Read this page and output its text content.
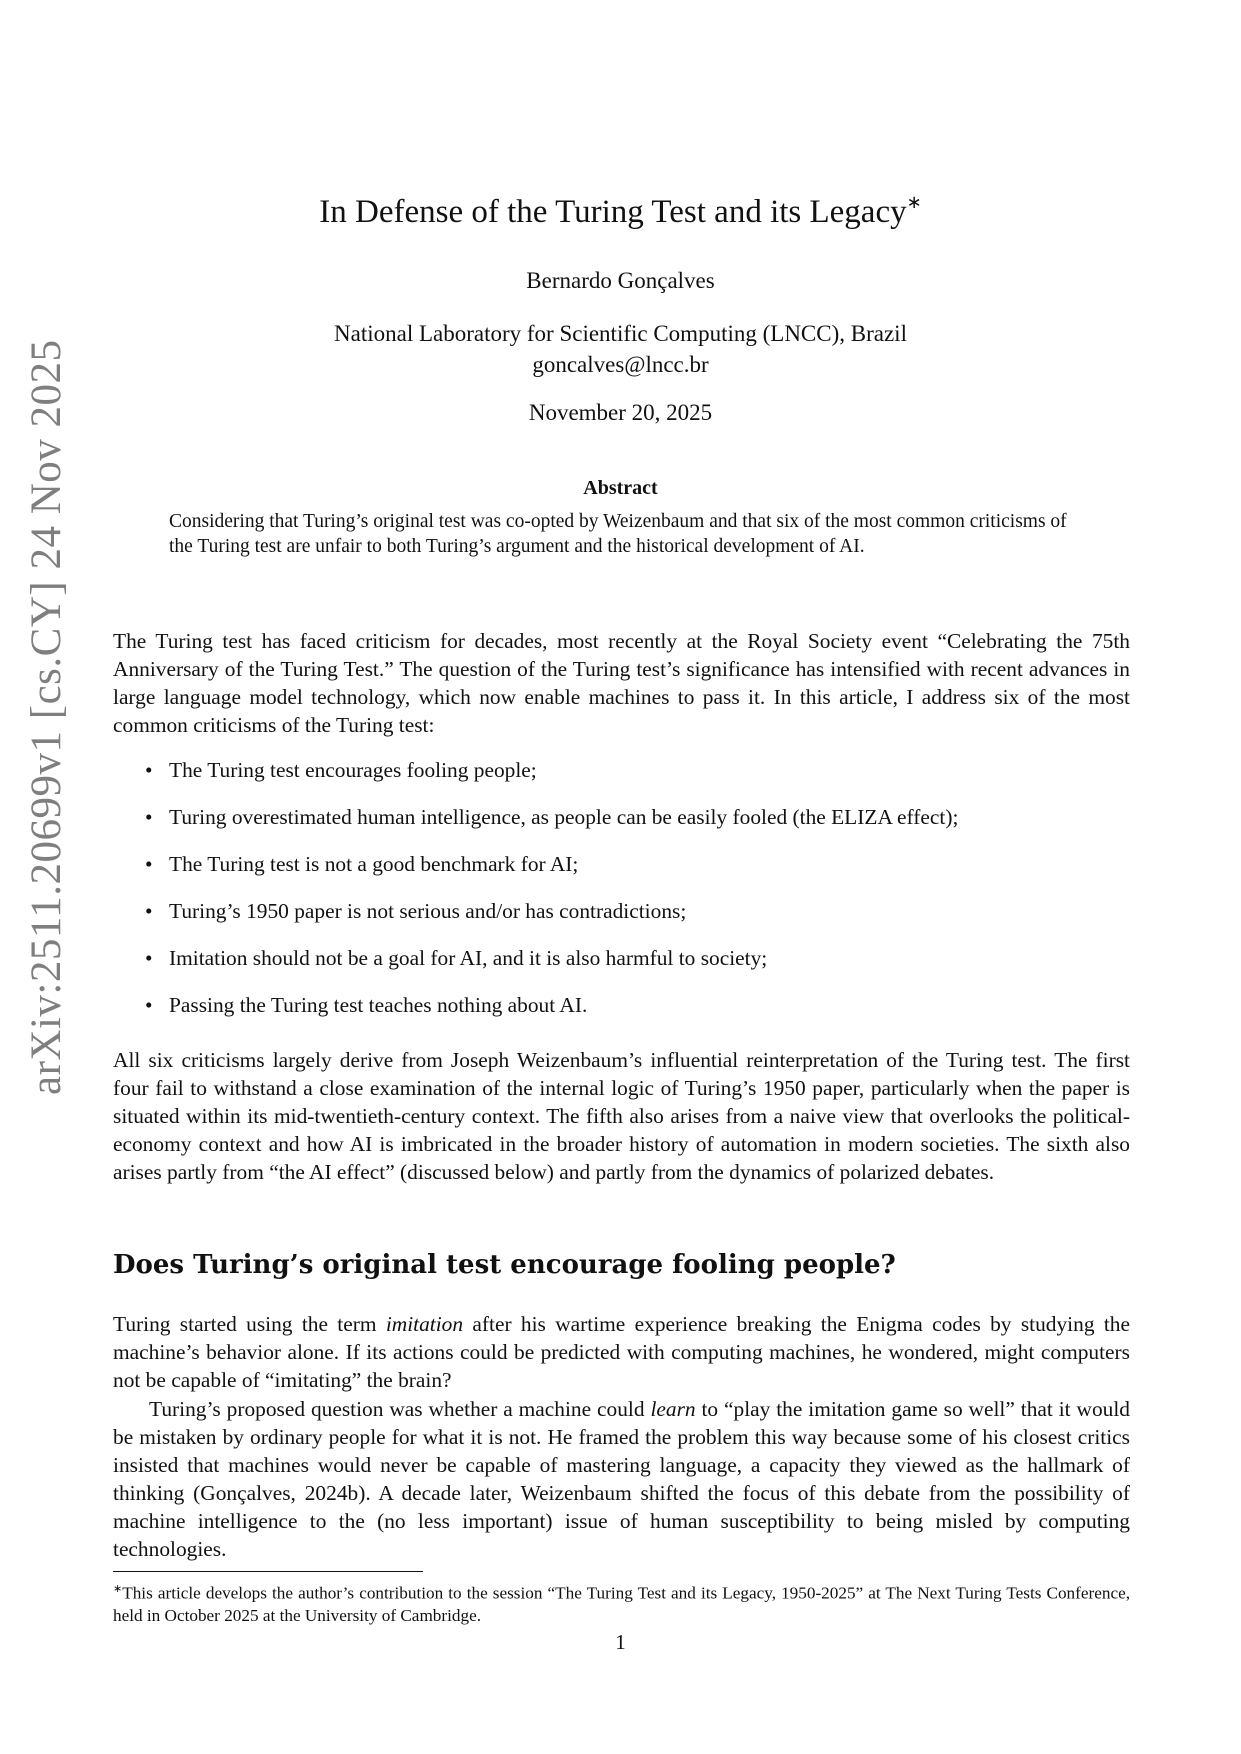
arXiv:2511.20699v1 [cs.CY] 24 Nov 2025
In Defense of the Turing Test and its Legacy∗
Bernardo Gonçalves
National Laboratory for Scientific Computing (LNCC), Brazil
goncalves@lncc.br
November 20, 2025
Abstract
Considering that Turing’s original test was co-opted by Weizenbaum and that six of the most common criticisms of the Turing test are unfair to both Turing’s argument and the historical development of AI.
The Turing test has faced criticism for decades, most recently at the Royal Society event “Celebrating the 75th Anniversary of the Turing Test.” The question of the Turing test’s significance has intensified with recent advances in large language model technology, which now enable machines to pass it. In this article, I address six of the most common criticisms of the Turing test:
• The Turing test encourages fooling people;
• Turing overestimated human intelligence, as people can be easily fooled (the ELIZA effect);
• The Turing test is not a good benchmark for AI;
• Turing’s 1950 paper is not serious and/or has contradictions;
• Imitation should not be a goal for AI, and it is also harmful to society;
• Passing the Turing test teaches nothing about AI.
All six criticisms largely derive from Joseph Weizenbaum’s influential reinterpretation of the Turing test. The first four fail to withstand a close examination of the internal logic of Turing’s 1950 paper, particularly when the paper is situated within its mid-twentieth-century context. The fifth also arises from a naive view that overlooks the political-economy context and how AI is imbricated in the broader history of automation in modern societies. The sixth also arises partly from “the AI effect” (discussed below) and partly from the dynamics of polarized debates.
Does Turing’s original test encourage fooling people?
Turing started using the term imitation after his wartime experience breaking the Enigma codes by studying the machine’s behavior alone. If its actions could be predicted with computing machines, he wondered, might computers not be capable of “imitating” the brain?
Turing’s proposed question was whether a machine could learn to “play the imitation game so well” that it would be mistaken by ordinary people for what it is not. He framed the problem this way because some of his closest critics insisted that machines would never be capable of mastering language, a capacity they viewed as the hallmark of thinking (Gonçalves, 2024b). A decade later, Weizenbaum shifted the focus of this debate from the possibility of machine intelligence to the (no less important) issue of human susceptibility to being misled by computing technologies.
∗This article develops the author’s contribution to the session “The Turing Test and its Legacy, 1950-2025” at The Next Turing Tests Conference, held in October 2025 at the University of Cambridge.
1
